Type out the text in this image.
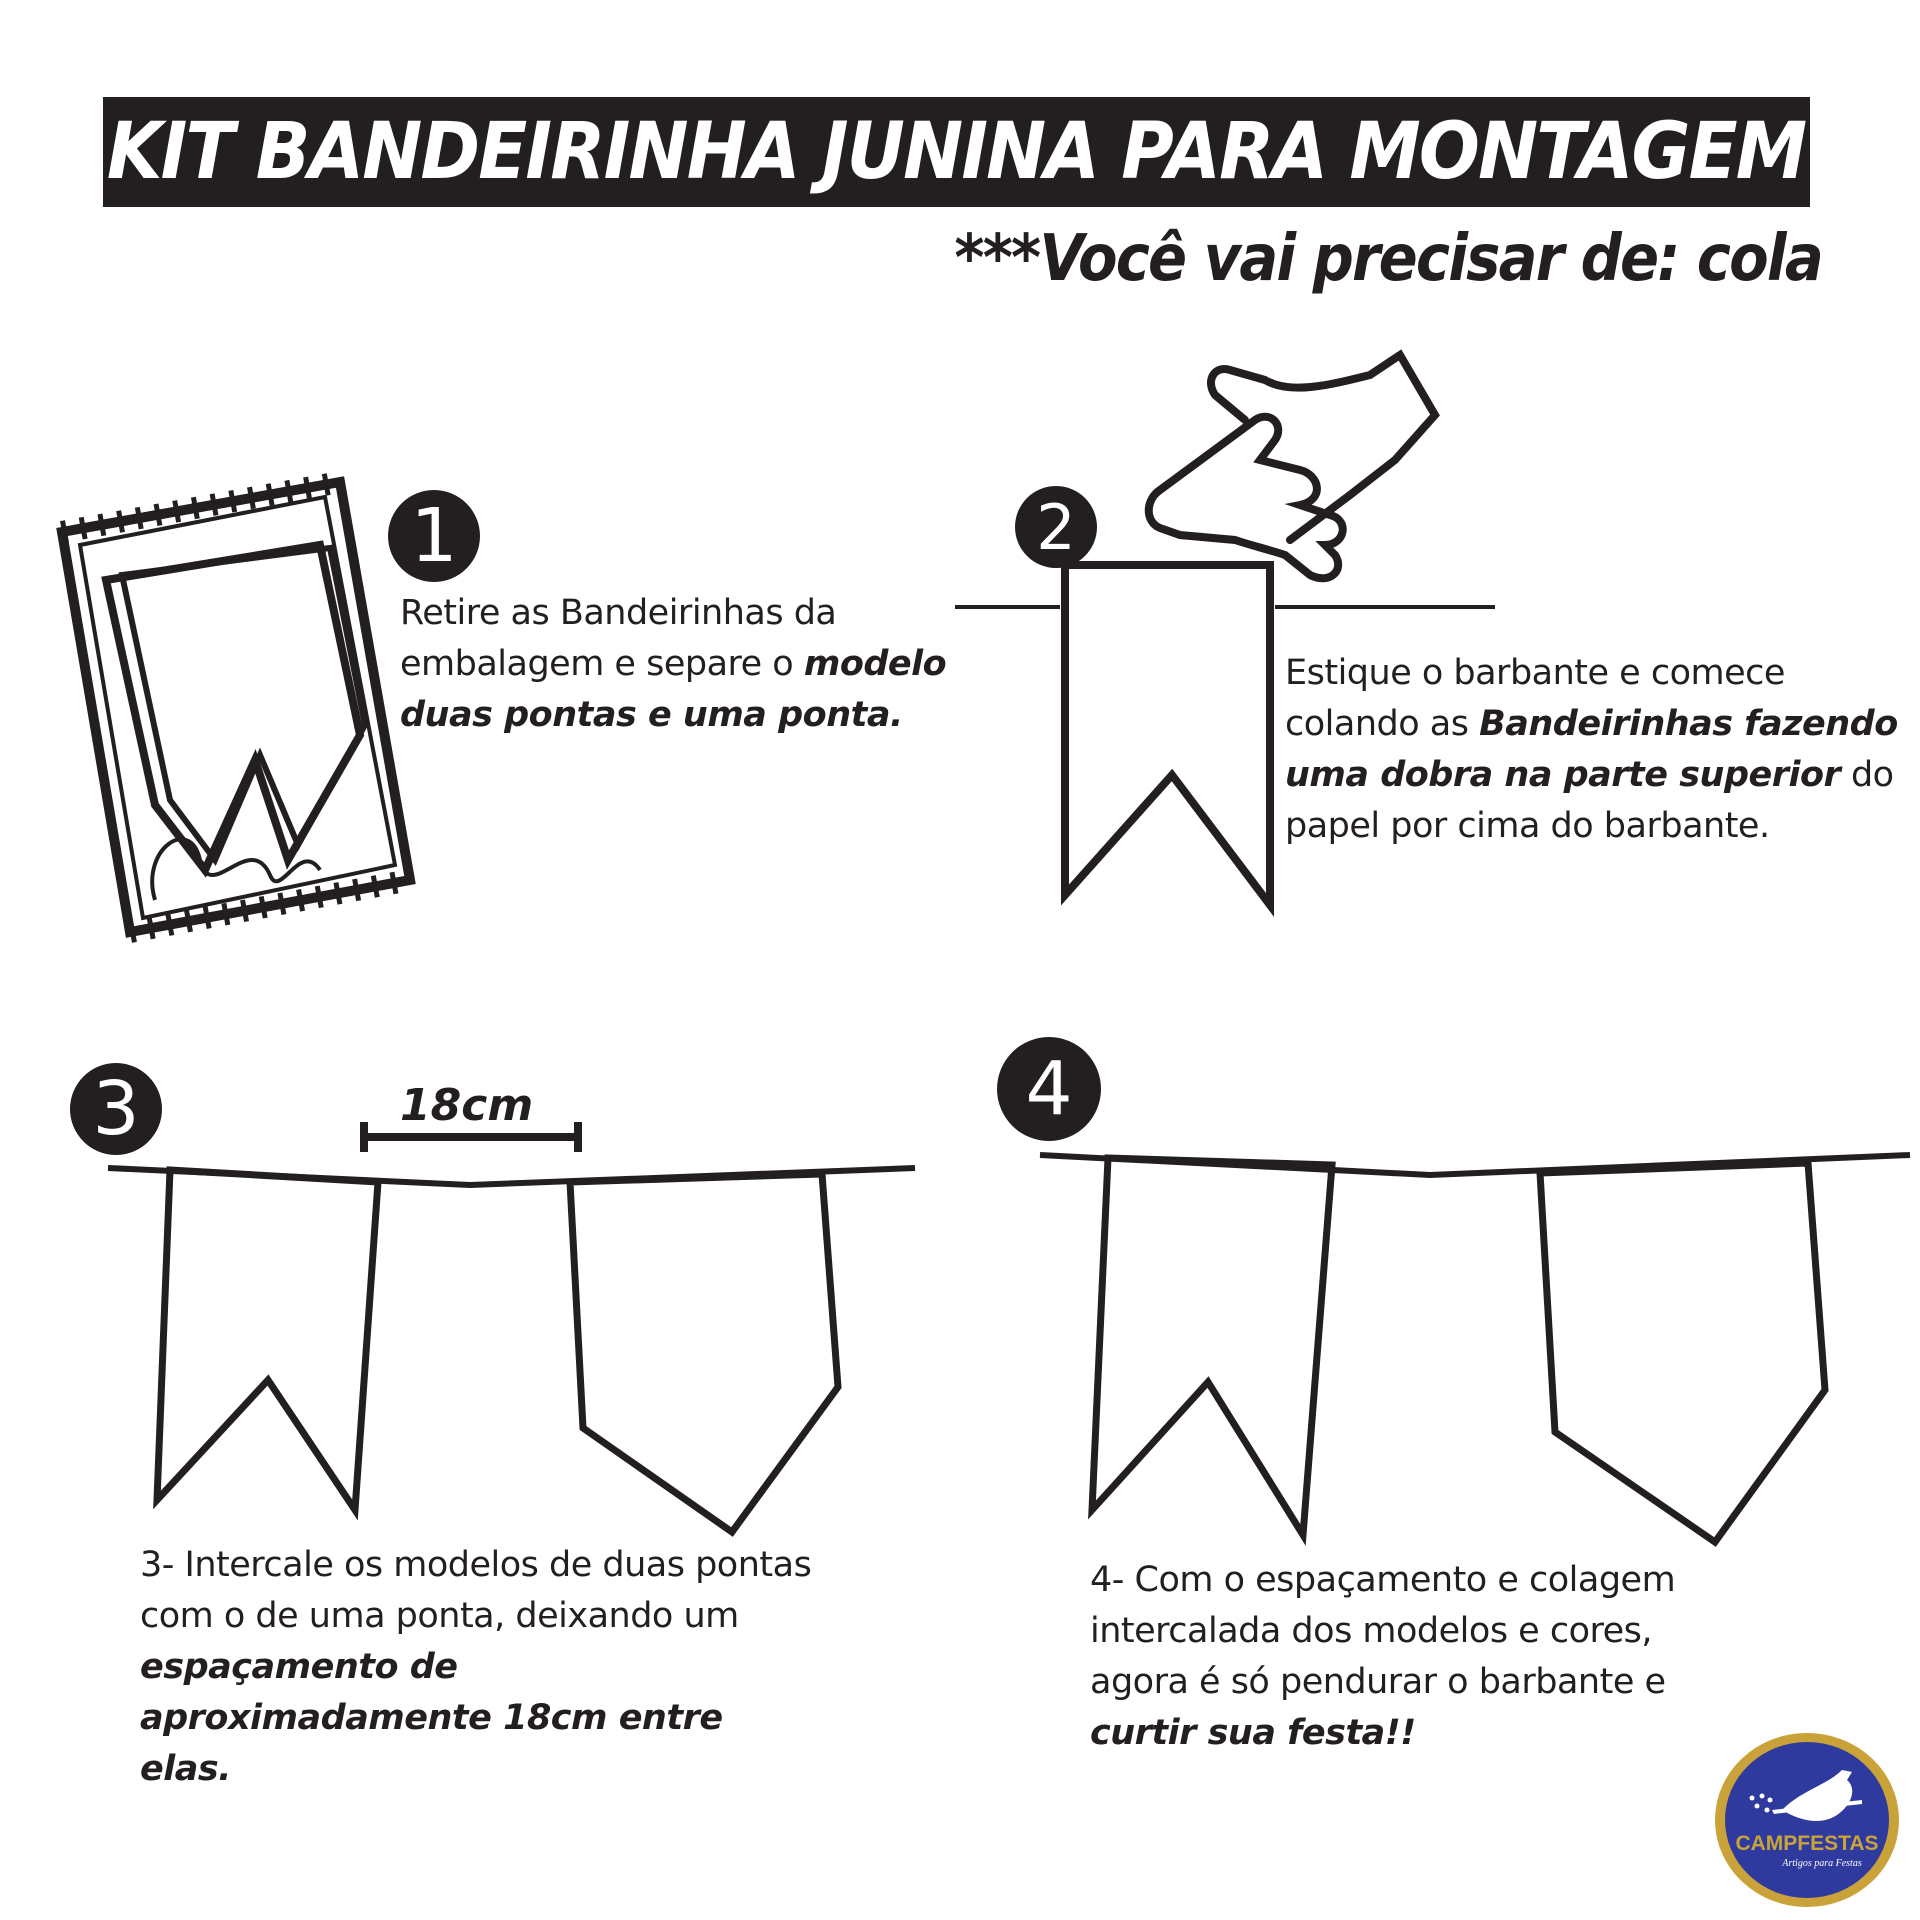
KIT BANDEIRINHA JUNINA PARA MONTAGEM
***Você vai precisar de: cola
1	2
3	4
18cm
Retire as Bandeirinhas da embalagem e separe o modelo duas pontas e uma ponta.
Estique o barbante e comece colando as Bandeirinhas fazendo uma dobra na parte superior do papel por cima do barbante.
3- Intercale os modelos de duas pontas com o de uma ponta, deixando um espaçamento de aproximadamente 18cm entre elas.
4- Com o espaçamento e colagem intercalada dos modelos e cores, agora é só pendurar o barbante e curtir sua festa!!
CAMPFESTAS
Artigos para Festas
